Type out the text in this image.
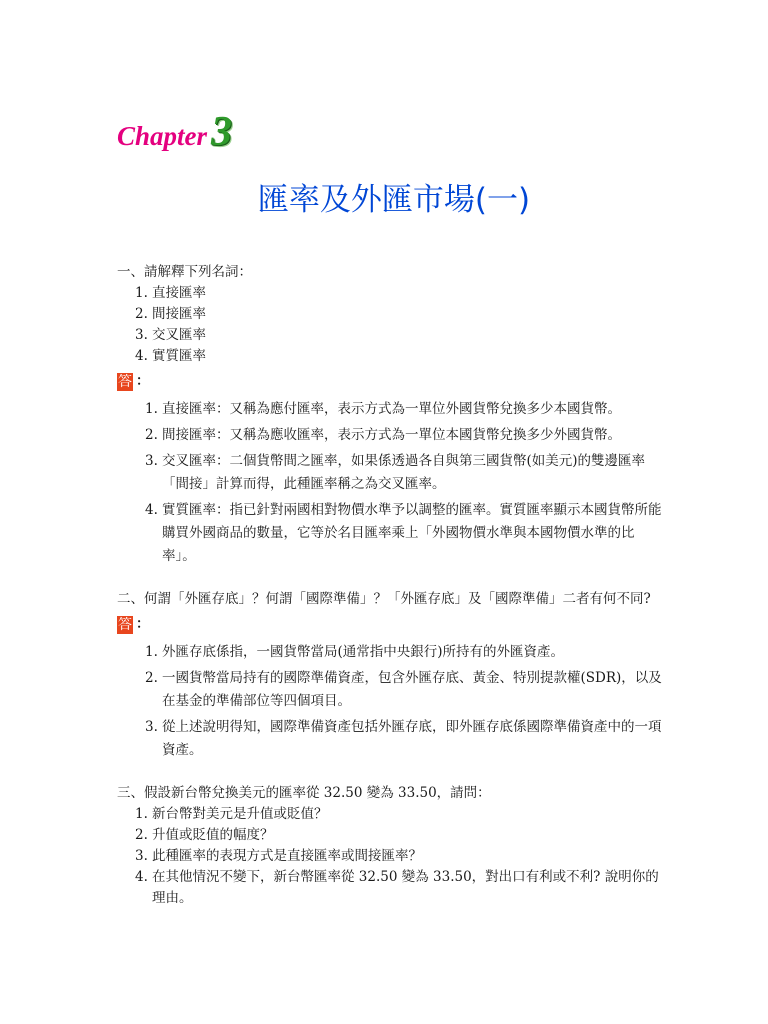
Chapter 3
匯率及外匯市場(一)
一、請解釋下列名詞：
1. 直接匯率
2. 間接匯率
3. 交叉匯率
4. 實質匯率
答 ：
1. 直接匯率：又稱為應付匯率，表示方式為一單位外國貨幣兌換多少本國貨幣。
2. 間接匯率：又稱為應收匯率，表示方式為一單位本國貨幣兌換多少外國貨幣。
3. 交叉匯率：二個貨幣間之匯率，如果係透過各自與第三國貨幣(如美元)的雙邊匯率「間接」計算而得，此種匯率稱之為交叉匯率。
4. 實質匯率：指已針對兩國相對物價水準予以調整的匯率。實質匯率顯示本國貨幣所能購買外國商品的數量，它等於名目匯率乘上「外國物價水準與本國物價水準的比率」。
二、何謂「外匯存底」？何謂「國際準備」？「外匯存底」及「國際準備」二者有何不同?
答 ：
1. 外匯存底係指，一國貨幣當局(通常指中央銀行)所持有的外匯資產。
2. 一國貨幣當局持有的國際準備資產，包含外匯存底、黃金、特別提款權(SDR)，以及在基金的準備部位等四個項目。
3. 從上述說明得知，國際準備資產包括外匯存底，即外匯存底係國際準備資產中的一項資產。
三、假設新台幣兌換美元的匯率從 32.50 變為 33.50，請問：
1. 新台幣對美元是升值或貶值？
2. 升值或貶值的幅度？
3. 此種匯率的表現方式是直接匯率或間接匯率？
4. 在其他情況不變下，新台幣匯率從 32.50 變為 33.50，對出口有利或不利? 說明你的理由。
